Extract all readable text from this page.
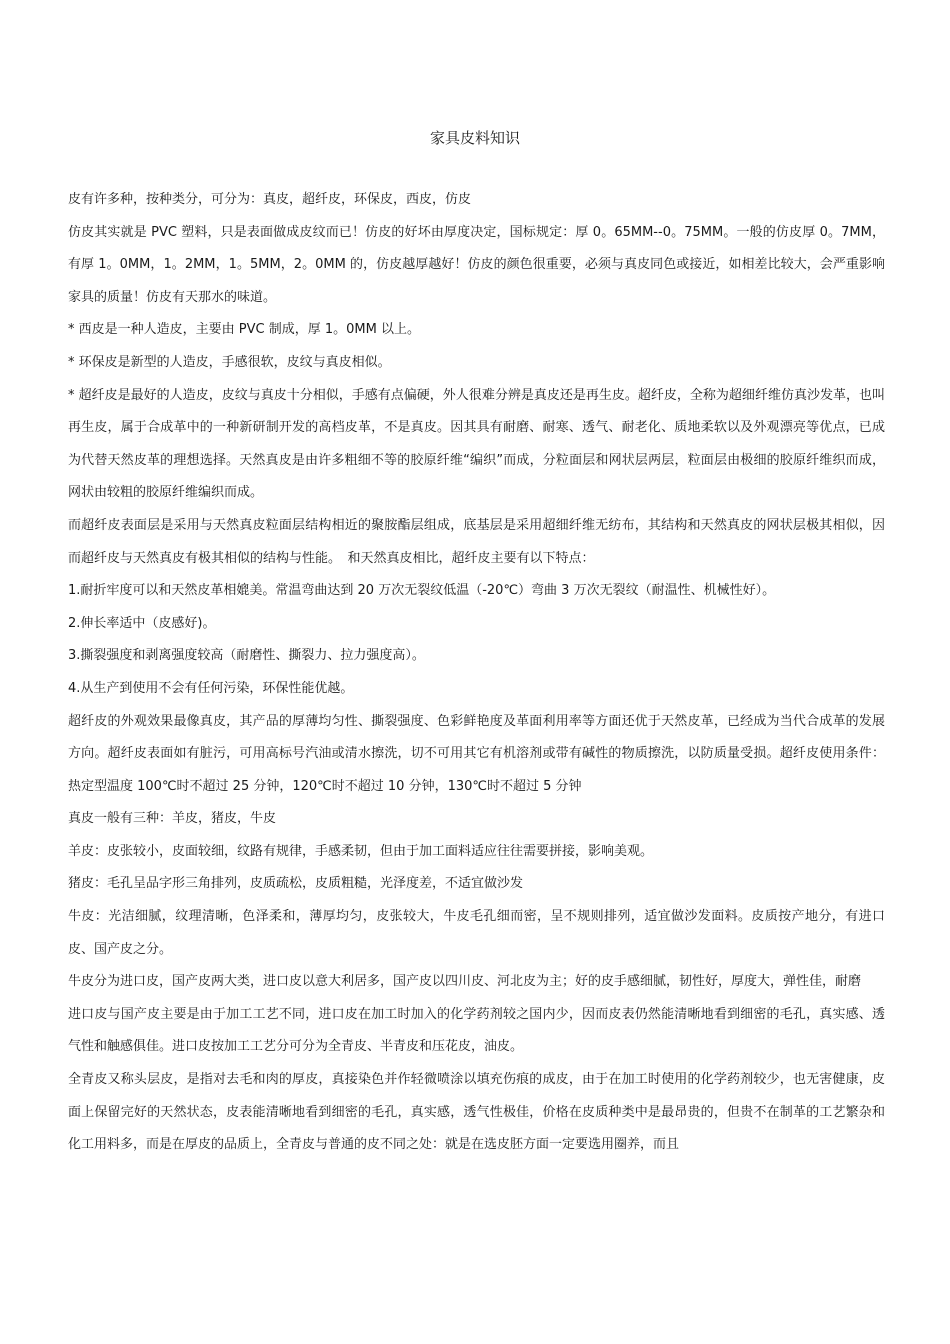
家具皮料知识

皮有许多种，按种类分，可分为：真皮，超纤皮，环保皮，西皮，仿皮

仿皮其实就是 PVC 塑料，只是表面做成皮纹而已！仿皮的好坏由厚度决定，国标规定：厚 0。65MM--0。75MM。一般的仿皮厚 0。7MM，有厚 1。0MM，1。2MM，1。5MM，2。0MM 的，仿皮越厚越好！仿皮的颜色很重要，必须与真皮同色或接近，如相差比较大，会严重影响家具的质量！仿皮有天那水的味道。

* 西皮是一种人造皮，主要由 PVC 制成，厚 1。0MM 以上。

* 环保皮是新型的人造皮，手感很软，皮纹与真皮相似。

* 超纤皮是最好的人造皮，皮纹与真皮十分相似，手感有点偏硬，外人很难分辨是真皮还是再生皮。超纤皮，全称为超细纤维仿真沙发革，也叫再生皮，属于合成革中的一种新研制开发的高档皮革，不是真皮。因其具有耐磨、耐寒、透气、耐老化、质地柔软以及外观漂亮等优点，已成为代替天然皮革的理想选择。天然真皮是由许多粗细不等的胶原纤维“编织”而成，分粒面层和网状层两层，粒面层由极细的胶原纤维织而成，网状由较粗的胶原纤维编织而成。

而超纤皮表面层是采用与天然真皮粒面层结构相近的聚胺酯层组成，底基层是采用超细纤维无纺布，其结构和天然真皮的网状层极其相似，因而超纤皮与天然真皮有极其相似的结构与性能。　和天然真皮相比，超纤皮主要有以下特点：

1.耐折牢度可以和天然皮革相媲美。常温弯曲达到 20 万次无裂纹低温（-20℃）弯曲 3 万次无裂纹（耐温性、机械性好）。

2.伸长率适中（皮感好)。

3.撕裂强度和剥离强度较高（耐磨性、撕裂力、拉力强度高）。

4.从生产到使用不会有任何污染，环保性能优越。

超纤皮的外观效果最像真皮，其产品的厚薄均匀性、撕裂强度、色彩鲜艳度及革面利用率等方面还优于天然皮革，已经成为当代合成革的发展方向。超纤皮表面如有脏污，可用高标号汽油或清水擦洗，切不可用其它有机溶剂或带有碱性的物质擦洗，以防质量受损。超纤皮使用条件：热定型温度 100℃时不超过 25 分钟，120℃时不超过 10 分钟，130℃时不超过 5 分钟

真皮一般有三种：羊皮，猪皮，牛皮

羊皮：皮张较小，皮面较细，纹路有规律，手感柔韧，但由于加工面料适应往往需要拼接，影响美观。

猪皮：毛孔呈品字形三角排列，皮质疏松，皮质粗糙，光泽度差，不适宜做沙发

牛皮：光洁细腻，纹理清晰，色泽柔和，薄厚均匀，皮张较大，牛皮毛孔细而密，呈不规则排列，适宜做沙发面料。皮质按产地分，有进口皮、国产皮之分。

牛皮分为进口皮，国产皮两大类，进口皮以意大利居多，国产皮以四川皮、河北皮为主；好的皮手感细腻，韧性好，厚度大，弹性佳，耐磨

进口皮与国产皮主要是由于加工工艺不同，进口皮在加工时加入的化学药剂较之国内少，因而皮表仍然能清晰地看到细密的毛孔，真实感、透气性和触感俱佳。进口皮按加工工艺分可分为全青皮、半青皮和压花皮，油皮。

全青皮又称头层皮，是指对去毛和肉的厚皮，真接染色并作轻微喷涂以填充伤痕的成皮，由于在加工时使用的化学药剂较少，也无害健康，皮面上保留完好的天然状态，皮表能清晰地看到细密的毛孔，真实感，透气性极佳，价格在皮质种类中是最昂贵的，但贵不在制革的工艺繁杂和化工用料多，而是在厚皮的品质上，全青皮与普通的皮不同之处：就是在选皮胚方面一定要选用圈养，而且
